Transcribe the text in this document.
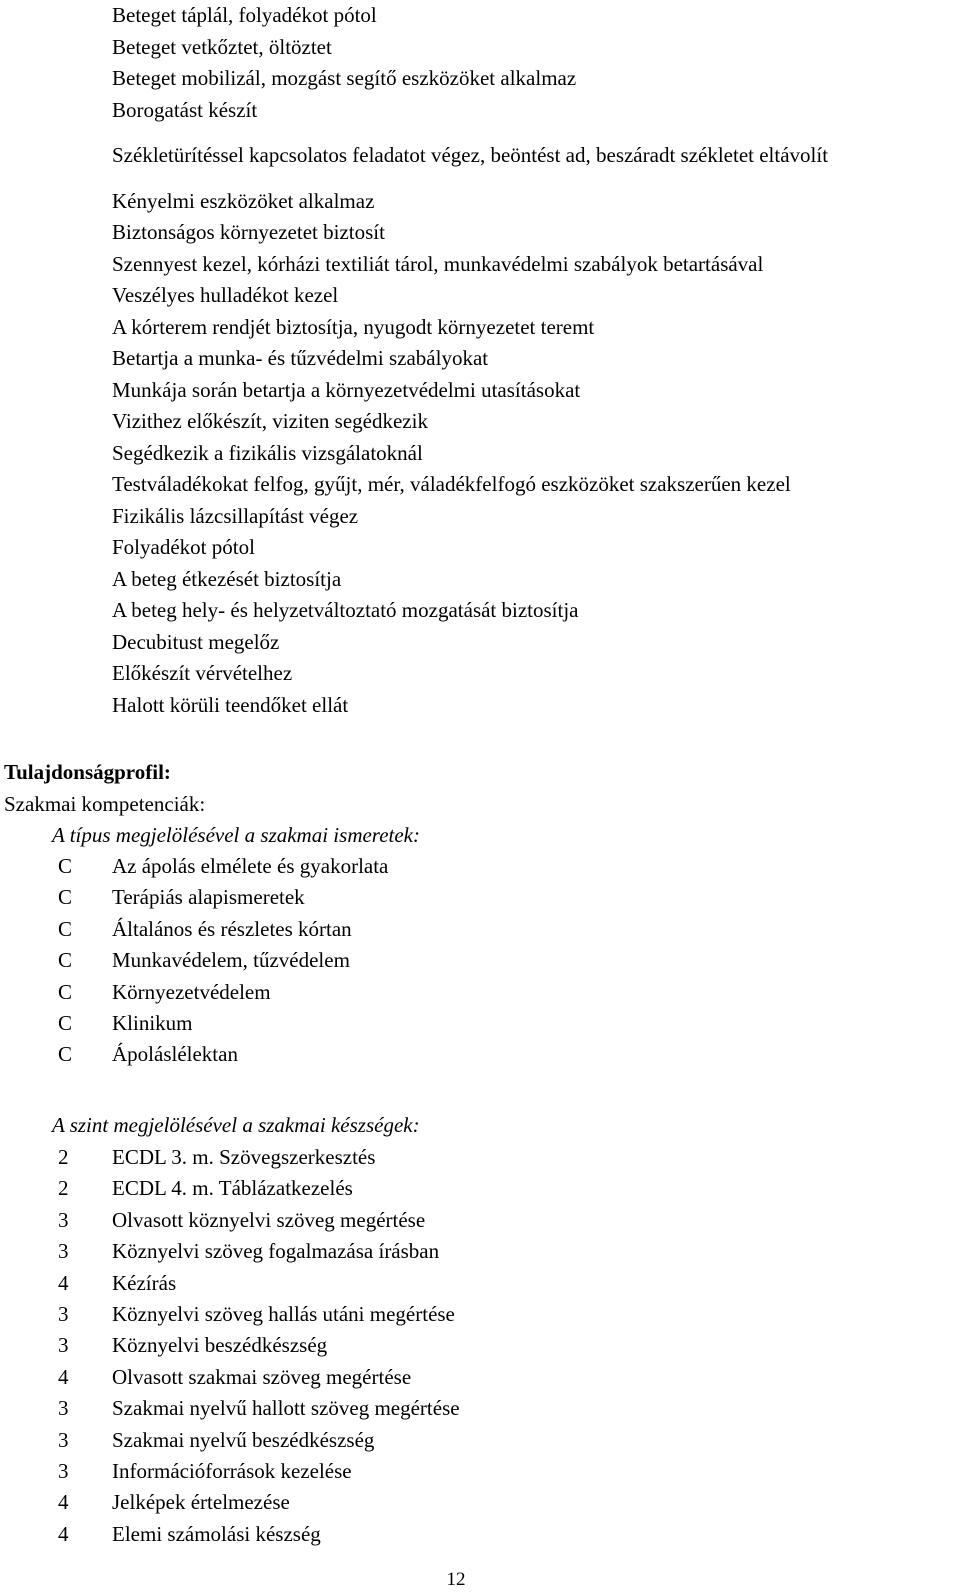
Beteget táplál, folyadékot pótol
Beteget vetkőztet, öltöztet
Beteget mobilizál, mozgást segítő eszközöket alkalmaz
Borogatást készít
Székletürítéssel kapcsolatos feladatot végez, beöntést ad, beszáradt székletet eltávolít
Kényelmi eszközöket alkalmaz
Biztonságos környezetet biztosít
Szennyest kezel, kórházi textiliát tárol, munkavédelmi szabályok betartásával
Veszélyes hulladékot kezel
A kórterem rendjét biztosítja, nyugodt környezetet teremt
Betartja a munka- és tűzvédelmi szabályokat
Munkája során betartja a környezetvédelmi utasításokat
Vizithez előkészít, viziten segédkezik
Segédkezik a fizikális vizsgálatoknál
Testváladékokat felfog, gyűjt, mér, váladékfelfogó eszközöket szakszerűen kezel
Fizikális lázcsillapítást végez
Folyadékot pótol
A beteg étkezését biztosítja
A beteg hely- és helyzetváltoztató mozgatását biztosítja
Decubitust megelőz
Előkészít vérvételhez
Halott körüli teendőket ellát
Tulajdonságprofil:
Szakmai kompetenciák:
A típus megjelölésével a szakmai ismeretek:
C	Az ápolás elmélete és gyakorlata
C	Terápiás alapismeretek
C	Általános és részletes kórtan
C	Munkavédelem, tűzvédelem
C	Környezetvédelem
C	Klinikum
C	Ápoláslélektan
A szint megjelölésével a szakmai készségek:
2	ECDL 3. m. Szövegszerkesztés
2	ECDL 4. m. Táblázatkezelés
3	Olvasott köznyelvi szöveg megértése
3	Köznyelvi szöveg fogalmazása írásban
4	Kézírás
3	Köznyelvi szöveg hallás utáni megértése
3	Köznyelvi beszédkészség
4	Olvasott szakmai szöveg megértése
3	Szakmai nyelvű hallott szöveg megértése
3	Szakmai nyelvű beszédkészség
3	Információforrások kezelése
4	Jelképek értelmezése
4	Elemi számolási készség
12
